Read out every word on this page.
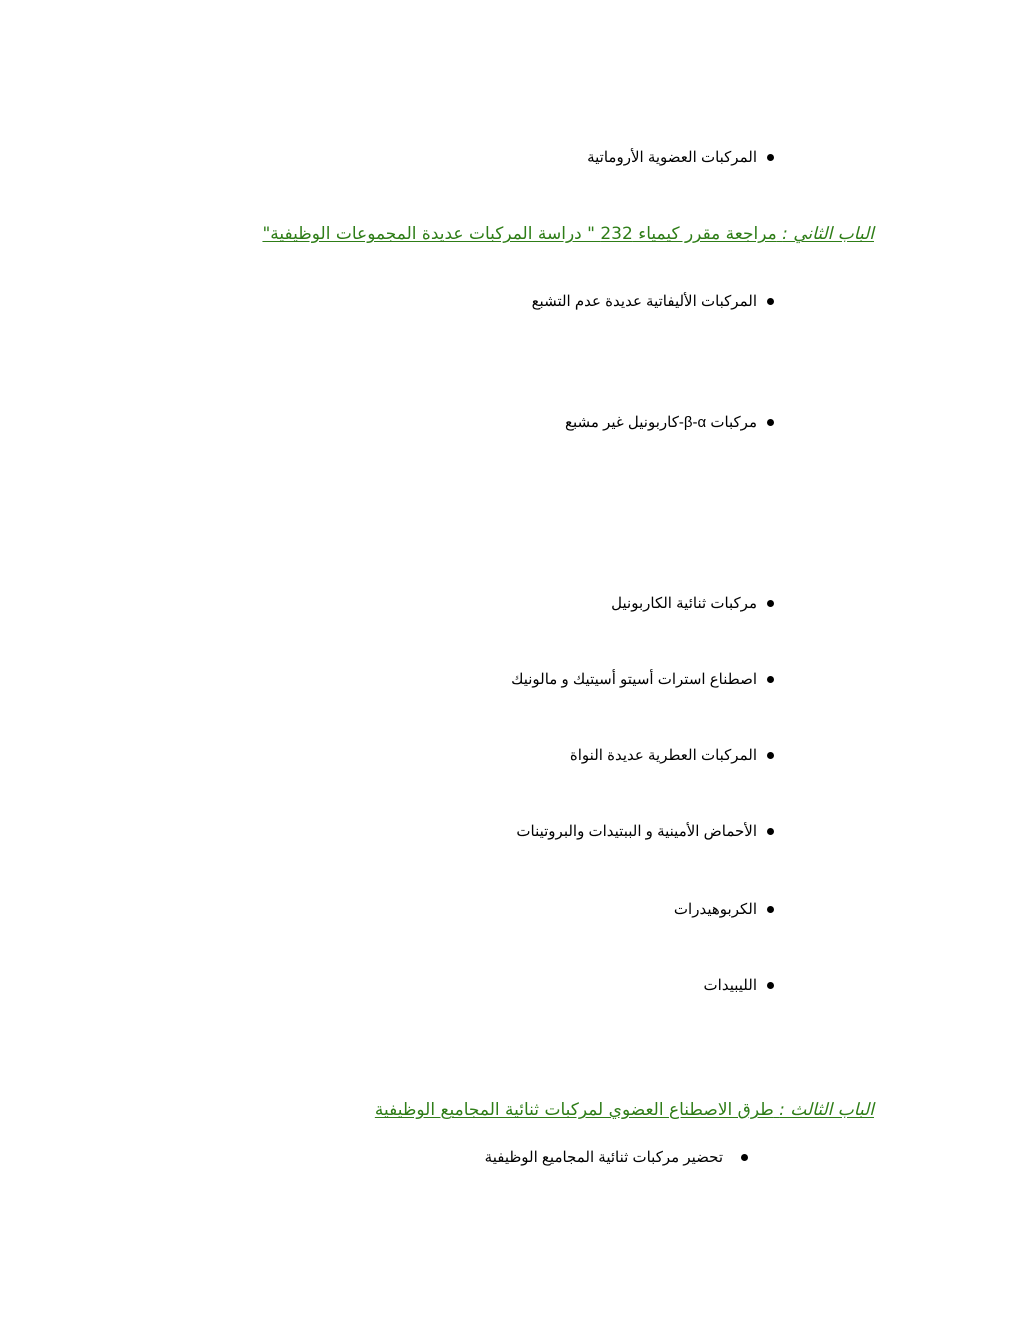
المركبات العضوية الأروماتية
الباب الثاني : مراجعة مقرر كيمياء 232 " دراسة المركبات عديدة المجموعات الوظيفية"
المركبات الأليفاتية عديدة عدم التشبع
مركبات β-α-كاربونيل غير مشبع
مركبات ثنائية الكاربونيل
اصطناع استرات أسيتو أسيتيك و مالونيك
المركبات العطرية عديدة النواة
الأحماض الأمينية و الببتيدات والبروتينات
الكربوهيدرات
الليبيدات
الباب الثالث : طرق الاصطناع العضوي لمركبات ثنائية المجاميع الوظيفية
تحضير مركبات ثنائية المجاميع الوظيفية
